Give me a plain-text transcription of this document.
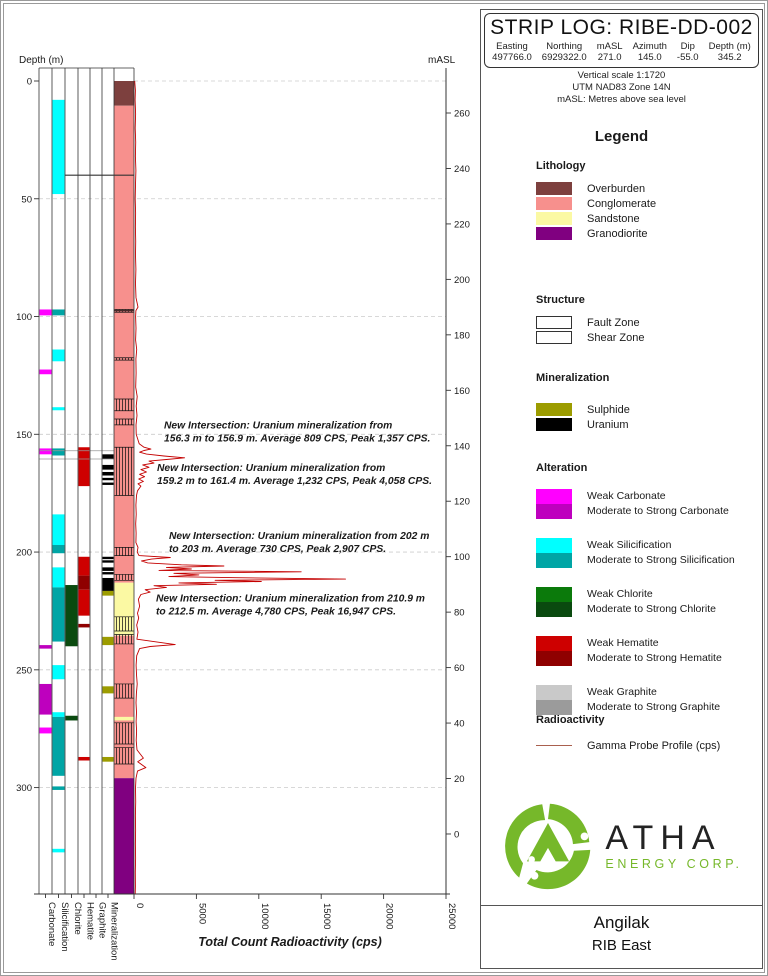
0
50
100
150
200
250
300
Depth (m)
260
240
220
200
180
160
140
120
100
80
60
40
20
0
mASL
0	5000	10000	15000	20000	25000
Total Count Radioactivity (cps)
Carbonate Silicification Chlorite Hematite Graphite Mineralization
New Intersection: Uranium mineralization from 156.3 m to 156.9 m. Average 809 CPS, Peak 1,357 CPS.
New Intersection: Uranium mineralization from 159.2 m to 161.4 m. Average 1,232 CPS, Peak 4,058 CPS.
New Intersection: Uranium mineralization from 202 m to 203 m. Average 730 CPS, Peak 2,907 CPS.
New Intersection: Uranium mineralization from 210.9 m to 212.5 m. Average 4,780 CPS, Peak 16,947 CPS.
STRIP LOG: RIBE-DD-002
Easting
497766.0
Northing
6929322.0
mASL
271.0
Azimuth
145.0
Dip
-55.0
Depth (m)
345.2
Vertical scale 1:1720
UTM NAD83 Zone 14N
mASL: Metres above sea level
Legend
Lithology
Overburden
Conglomerate
Sandstone
Granodiorite
Structure
Fault Zone
Shear Zone
Mineralization
Sulphide
Uranium
Alteration
Weak Carbonate
Moderate to Strong Carbonate
Weak Silicification
Moderate to Strong Silicification
Weak Chlorite
Moderate to Strong Chlorite
Weak Hematite
Moderate to Strong Hematite
Weak Graphite
Moderate to Strong Graphite
Radioactivity
Gamma Probe Profile (cps)
ATHA
ENERGY CORP.
Angilak
RIB East
